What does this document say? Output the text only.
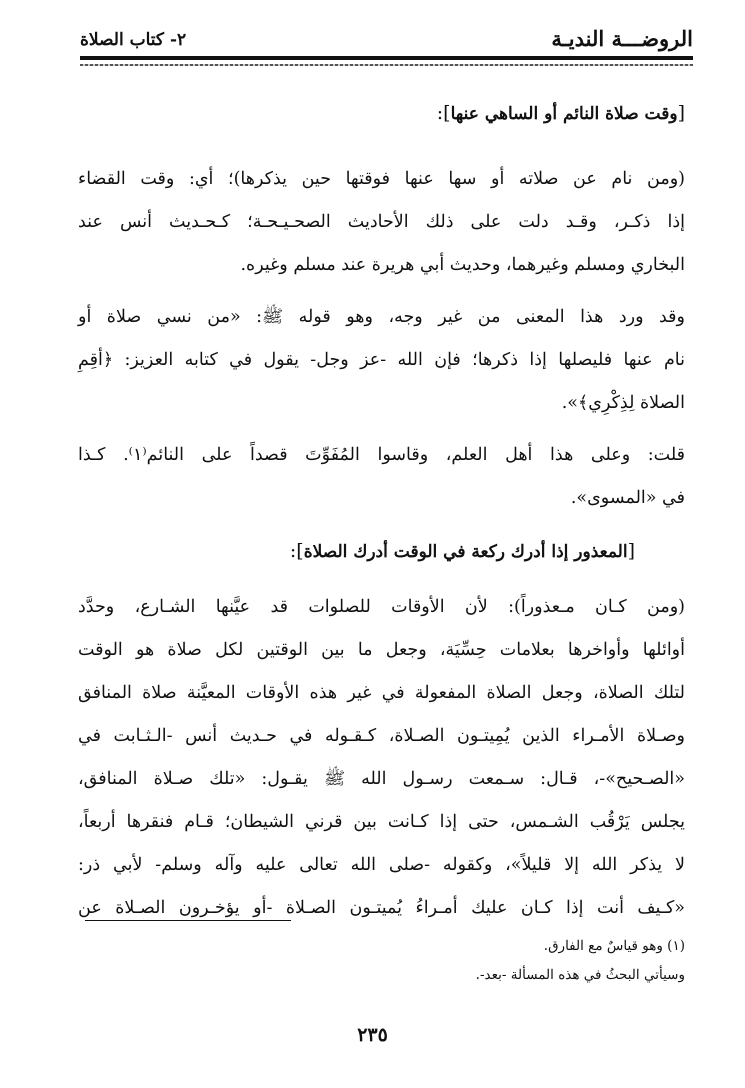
الروضـــة النديـة
٢- كتاب الصلاة
[وقت صلاة النائم أو الساهي عنها]:
(ومن نام عن صلاته أو سها عنها فوقتها حين يذكرها)؛ أي: وقت القضاء
إذا ذكـر، وقـد دلت على ذلك الأحاديث الصحـيـحـة؛ كـحـديث أنس عند
البخاري ومسلم وغيرهما، وحديث أبي هريرة عند مسلم وغيره.
وقد ورد هذا المعنى من غير وجه، وهو قوله ﷺ: «من نسي صلاة أو
نام عنها فليصلها إذا ذكرها؛ فإن الله -عز وجل- يقول في كتابه العزيز: ﴿أقِمِ
الصلاة لِذِكْرِي﴾».
قلت: وعلى هذا أهل العلم، وقاسوا المُفَوِّتَ قصداً على النائم⁽١⁾. كـذا
في «المسوى».
[المعذور إذا أدرك ركعة في الوقت أدرك الصلاة]:
(ومن كـان مـعذوراً): لأن الأوقات للصلوات قد عيَّنها الشـارع، وحدَّد
أوائلها وأواخرها بعلامات حِسِّيَة، وجعل ما بين الوقتين لكل صلاة هو الوقت
لتلك الصلاة، وجعل الصلاة المفعولة في غير هذه الأوقات المعيَّنة صلاة المنافق
وصـلاة الأمـراء الذين يُمِيتـون الصـلاة، كـقـوله في حـديث أنس -الـثـابت في
«الصـحيح»-، قـال: سـمعت رسـول الله ﷺ يقـول: «تلك صـلاة المنافق،
يجلس يَرْقُب الشـمس، حتى إذا كـانت بين قرني الشيطان؛ قـام فنقرها أربعاً،
لا يذكر الله إلا قليلاً»، وكقوله -صلى الله تعالى عليه وآله وسلم- لأبي ذر:
«كـيف أنت إذا كـان عليك أمـراءُ يُميتـون الصـلاة -أو يؤخـرون الصـلاة عن
(١) وهو قياسٌ مع الفارق.
وسيأتي البحثُ في هذه المسألة -بعد-.
٢٣٥
